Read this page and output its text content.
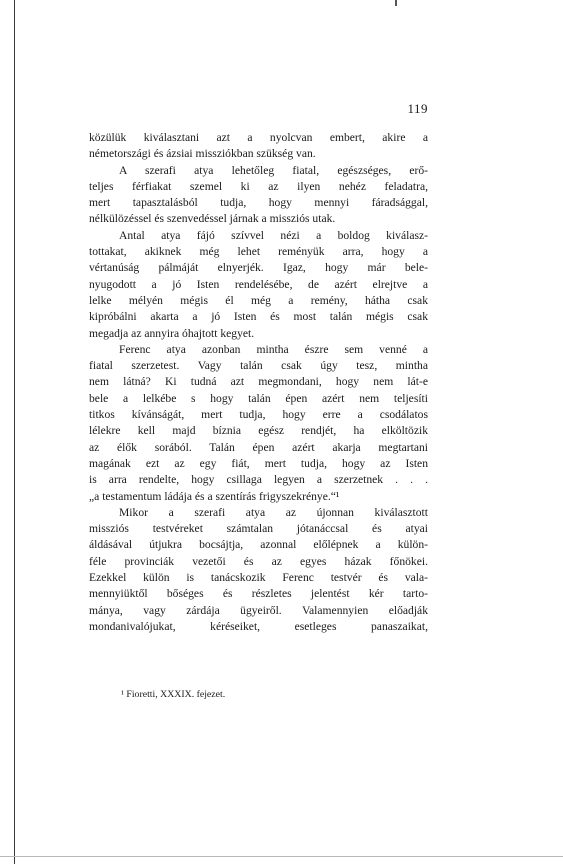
119
közülük kiválasztani azt a nyolcvan embert, akire a
németországi és ázsiai missziókban szükség van.
A szerafi atya lehetőleg fiatal, egészséges, erő-
teljes férfiakat szemel ki az ilyen nehéz feladatra,
mert tapasztalásból tudja, hogy mennyi fáradsággal,
nélkülözéssel és szenvedéssel járnak a missziós utak.
Antal atya fájó szívvel nézi a boldog kiválasz-
tottakat, akiknek még lehet reményük arra, hogy a
vértanúság pálmáját elnyerjék. Igaz, hogy már bele-
nyugodott a jó Isten rendelésébe, de azért elrejtve a
lelke mélyén mégis él még a remény, hátha csak
kipróbálni akarta a jó Isten és most talán mégis csak
megadja az annyira óhajtott kegyet.
Ferenc atya azonban mintha észre sem venné a
fiatal szerzetest. Vagy talán csak úgy tesz, mintha
nem látná? Ki tudná azt megmondani, hogy nem lát-e
bele a lelkébe s hogy talán épen azért nem teljesíti
titkos kívánságát, mert tudja, hogy erre a csodálatos
lélekre kell majd bíznia egész rendjét, ha elköltözik
az élők sorából. Talán épen azért akarja megtartani
magának ezt az egy fiát, mert tudja, hogy az Isten
is arra rendelte, hogy csillaga legyen a szerzetnek . . .
„a testamentum ládája és a szentírás frigyszekrénye.“¹
Mikor a szerafi atya az újonnan kiválasztott
missziós testvéreket számtalan jótanáccsal és atyai
áldásával útjukra bocsájtja, azonnal előlépnek a külön-
féle provinciák vezetői és az egyes házak főnökei.
Ezekkel külön is tanácskozik Ferenc testvér és vala-
mennyiüktől bőséges és részletes jelentést kér tarto-
mánya, vagy zárdája ügyeiről. Valamennyien előadják
mondanivalójukat, kéréseiket, esetleges panaszaikat,
¹ Fioretti, XXXIX. fejezet.
